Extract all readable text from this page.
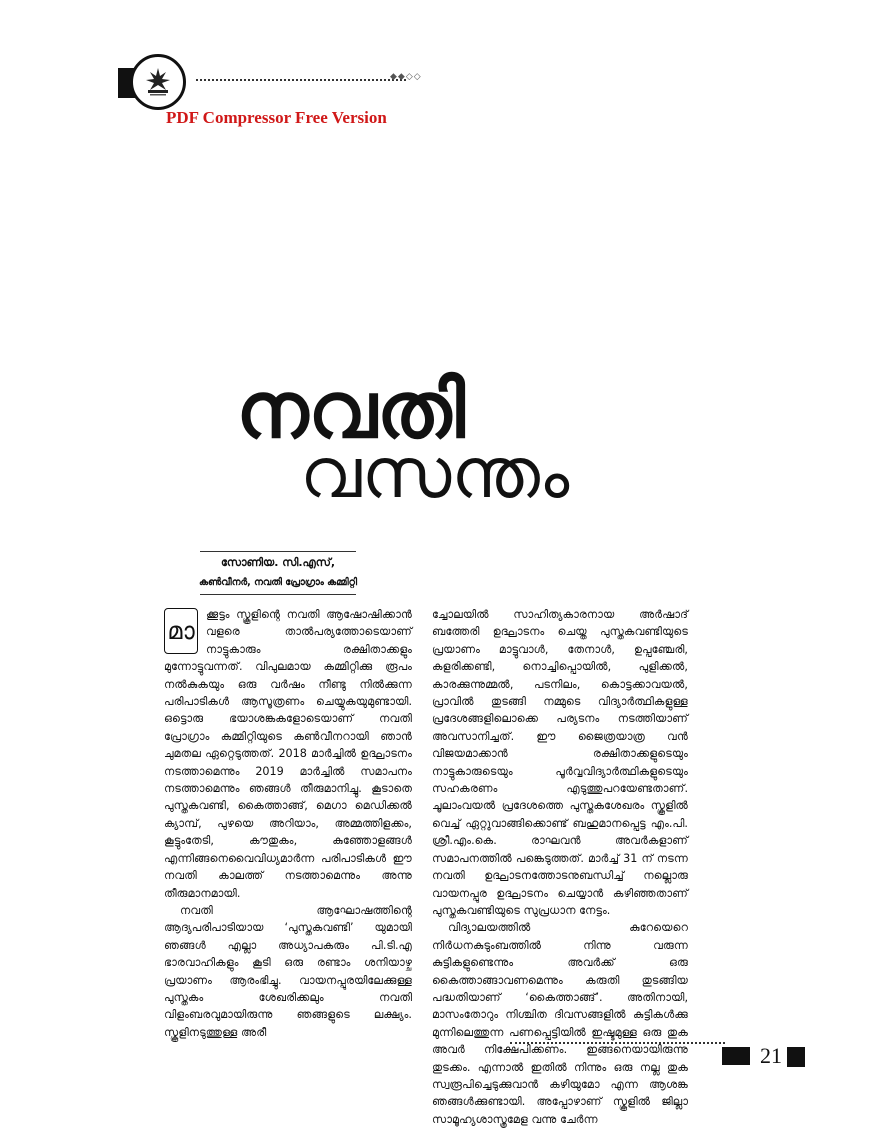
◆◆◇◇
PDF Compressor Free Version
നവതി
വസന്തം
സോണിയ. സി.എസ്,
കൺവീനർ, നവതി പ്രോഗ്രാം കമ്മിറ്റി

മാ
ക്കൂട്ടം സ്കൂളിന്റെ നവതി ആഷോഷിക്കാൻ വളരെ താൽപര്യത്തോടെയാണ് നാട്ടുകാരും രക്ഷിതാക്കളും മുന്നോട്ടുവന്നത്. വിപുലമായ കമ്മിറ്റിക്കു രൂപം നൽകുകയും ഒരു വർഷം നീണ്ടു നിൽക്കുന്ന പരിപാടികൾ ആസൂത്രണം ചെയ്യുകയുമുണ്ടായി. ഒട്ടൊരു ഭയാശങ്കകളോടെയാണ് നവതി പ്രോഗ്രാം കമ്മിറ്റിയുടെ കൺവീനറായി ഞാൻ ചുമതല ഏറ്റെടുത്തത്. 2018 മാർച്ചിൽ ഉദ്ഘാടനം നടത്താമെന്നും 2019 മാർച്ചിൽ സമാപനം നടത്താമെന്നും ഞങ്ങൾ തീരുമാനിച്ചു. കൂടാതെ പുസ്തകവണ്ടി, കൈത്താങ്ങ്, മെഗാ മെഡിക്കൽ ക്യാമ്പ്, പുഴയെ അറിയാം, അമ്മത്തിളക്കം, കൂട്ടുംതേടി, കൗതുകം, കുഞ്ഞോളങ്ങൾ എന്നിങ്ങനെവൈവിധ്യമാർന്ന പരിപാടികൾ ഈ നവതി കാലത്ത് നടത്താമെന്നും അന്നു തീരുമാനമായി.

നവതി ആഘോഷത്തിന്റെ ആദ്യപരിപാടിയായ ‘പുസ്തകവണ്ടി’ യുമായി ഞങ്ങൾ എല്ലാ അധ്യാപകരും പി.ടി.എ ഭാരവാഹികളും കൂടി ഒരു രണ്ടാം ശനിയാഴ്ച പ്രയാണം ആരംഭിച്ചു. വായനപ്പുരയിലേക്കുള്ള പുസ്തകം ശേഖരിക്കലും നവതി വിളംബരവുമായിരുന്നു ഞങ്ങളുടെ ലക്ഷ്യം. സ്കൂളിനടുത്തുള്ള അരീ

ച്ചോലയിൽ സാഹിത്യകാരനായ അർഷാദ് ബത്തേരി ഉദ്ഘാടനം ചെയ്ത പുസ്തകവണ്ടിയുടെ പ്രയാണം മാട്ടുവാൾ, തേനാൾ, ഉപ്പഞ്ചേരി, കളരിക്കണ്ടി, നൊച്ചിപ്പൊയിൽ, പുളിക്കൽ, കാരക്കുന്നുമ്മൽ, പടനിലം, കൊട്ടക്കാവയൽ, പ്രാവിൽ തുടങ്ങി നമ്മുടെ വിദ്യാർത്ഥികളുള്ള പ്രദേശങ്ങളിലൊക്കെ പര്യടനം നടത്തിയാണ് അവസാനിച്ചത്. ഈ ജൈത്രയാത്ര വൻ വിജയമാക്കാൻ രക്ഷിതാക്കളുടെയും നാട്ടുകാരുടെയും പൂർവ്വവിദ്യാർത്ഥികളുടെയും സഹകരണം എടുത്തുപറയേണ്ടതാണ്. ചൂലാംവയൽ പ്രദേശത്തെ പുസ്തകശേഖരം സ്കൂളിൽ വെച്ച് ഏറ്റുവാങ്ങിക്കൊണ്ട് ബഹുമാനപ്പെട്ട എം.പി. ശ്രീ.എം.കെ. രാഘവൻ അവർകളാണ് സമാപനത്തിൽ പങ്കെടുത്തത്. മാർച്ച് 31 ന് നടന്ന നവതി ഉദ്ഘാടനത്തോടനുബന്ധിച്ച് നല്ലൊരു വായനപ്പുര ഉദ്ഘാടനം ചെയ്യാൻ കഴിഞ്ഞതാണ് പുസ്തകവണ്ടിയുടെ സുപ്രധാന നേട്ടം.

വിദ്യാലയത്തിൽ കുറേയെറെ നിർധനകുടുംബത്തിൽ നിന്നു വരുന്ന കുട്ടികളുണ്ടെന്നും അവർക്ക് ഒരു കൈത്താങ്ങാവണമെന്നും കരുതി തുടങ്ങിയ പദ്ധതിയാണ് ‘കൈത്താങ്ങ്’. അതിനായി, മാസംതോറും നിശ്ചിത ദിവസങ്ങളിൽ കുട്ടികൾക്കു മുന്നിലെത്തുന്ന പണപ്പെട്ടിയിൽ ഇഷ്ടമുള്ള ഒരു തുക അവർ നിക്ഷേപിക്കണം. ഇങ്ങനെയായിരുന്നു തുടക്കം. എന്നാൽ ഇതിൽ നിന്നും ഒരു നല്ല തുക സ്വരൂപിച്ചെടുക്കുവാൻ കഴിയുമോ എന്ന ആശങ്ക ഞങ്ങൾക്കുണ്ടായി. അപ്പോഴാണ് സ്കൂളിൽ ജില്ലാ സാമൂഹ്യശാസ്ത്രമേള വന്നു ചേർന്ന

21
